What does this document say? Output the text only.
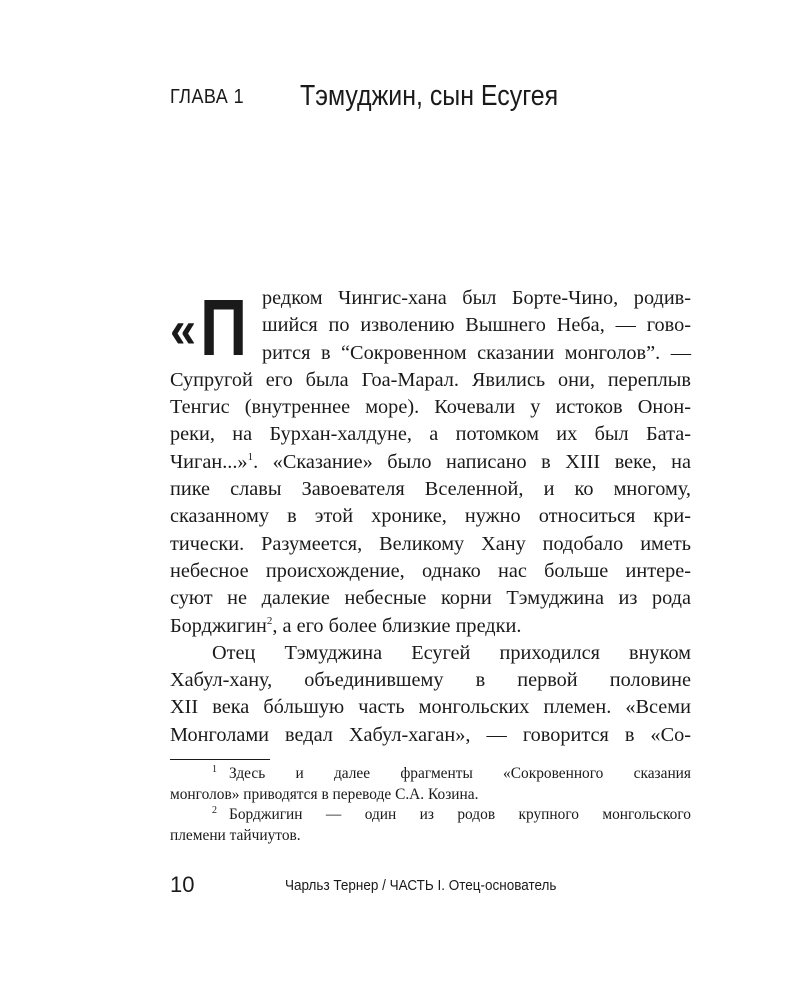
ГЛАВА 1 Тэмуджин, сын Есугея
« П редком Чингис-хана был Борте-Чино, родив-
шийся по изволению Вышнего Неба, — гово-
рится в “Сокровенном сказании монголов”. —
Супругой его была Гоа-Марал. Явились они, переплыв
Тенгис (внутреннее море). Кочевали у истоков Онон-
реки, на Бурхан-халдуне, а потомком их был Бата-
Чиган...»$^1$. «Сказание» было написано в XIII веке, на
пике славы Завоевателя Вселенной, и ко многому,
сказанному в этой хронике, нужно относиться кри-
тически. Разумеется, Великому Хану подобало иметь
небесное происхождение, однако нас больше интере-
суют не далекие небесные корни Тэмуджина из рода
Борджигин$^2$, а его более близкие предки.
Отец Тэмуджина Есугей приходился внуком
Хабул-хану, объединившему в первой половине
XII века бóльшую часть монгольских племен. «Всеми
Монголами ведал Хабул-хаган», — говорится в «Со-
$^1$ Здесь и далее фрагменты «Сокровенного сказания
монголов» приводятся в переводе С.А. Козина.
$^2$ Борджигин — один из родов крупного монгольского
племени тайчиутов.
10	Чарльз Тернер / ЧАСТЬ I. Отец-основатель
